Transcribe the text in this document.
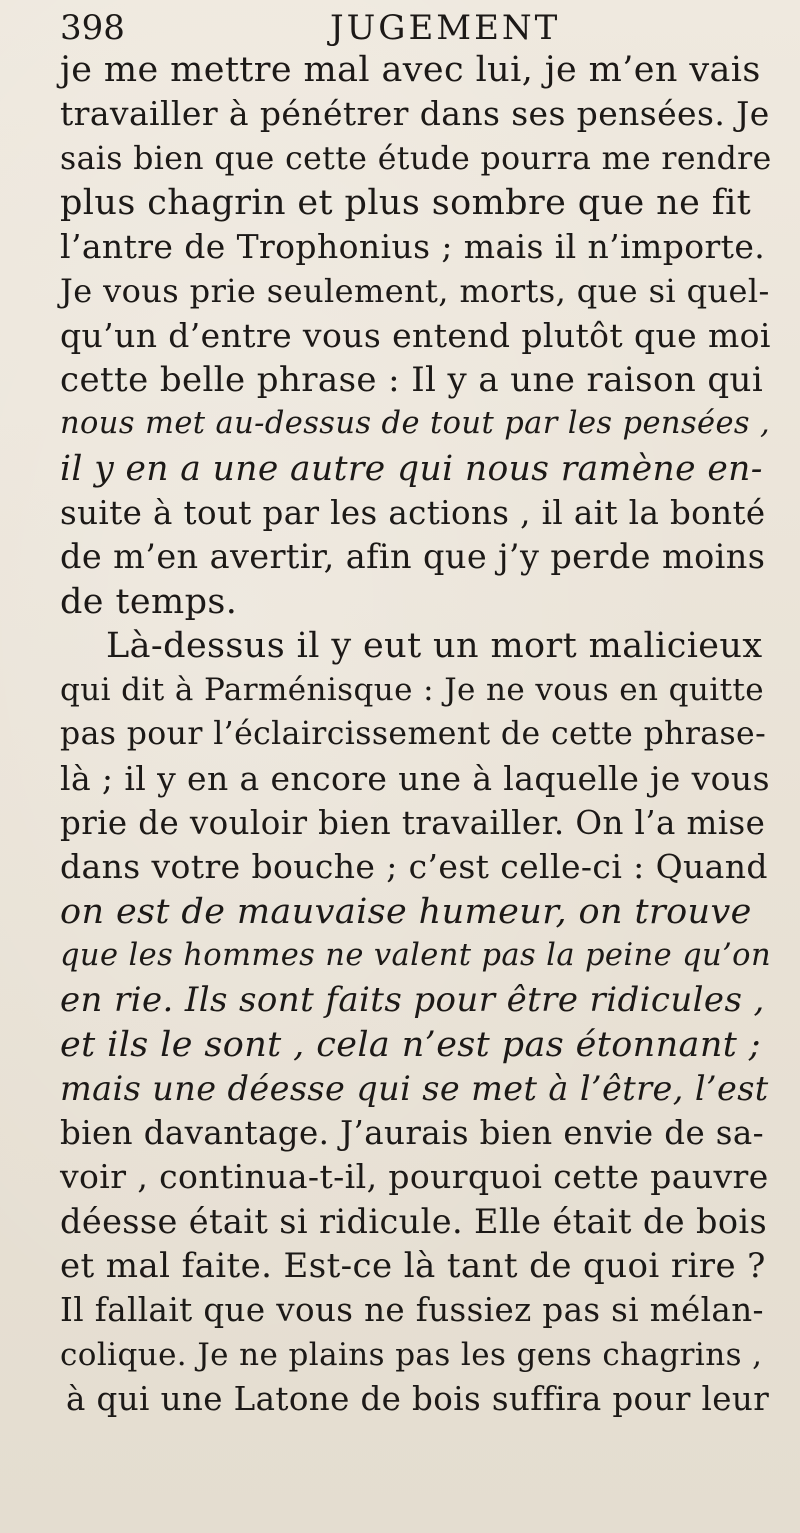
398	JUGEMENT
je me mettre mal avec lui, je m’en vais
travailler à pénétrer dans ses pensées. Je
sais bien que cette étude pourra me rendre
plus chagrin et plus sombre que ne fit
l’antre de Trophonius ; mais il n’importe.
Je vous prie seulement, morts, que si quel-
qu’un d’entre vous entend plutôt que moi
cette belle phrase : Il y a une raison qui
nous met au-dessus de tout par les pensées ,
il y en a une autre qui nous ramène en-
suite à tout par les actions , il ait la bonté
de m’en avertir, afin que j’y perde moins
de temps.
Là-dessus il y eut un mort malicieux
qui dit à Parménisque : Je ne vous en quitte
pas pour l’éclaircissement de cette phrase-
là ; il y en a encore une à laquelle je vous
prie de vouloir bien travailler. On l’a mise
dans votre bouche ; c’est celle-ci : Quand
on est de mauvaise humeur, on trouve
que les hommes ne valent pas la peine qu’on
en rie. Ils sont faits pour être ridicules ,
et ils le sont , cela n’est pas étonnant ;
mais une déesse qui se met à l’être, l’est
bien davantage. J’aurais bien envie de sa-
voir , continua-t-il, pourquoi cette pauvre
déesse était si ridicule. Elle était de bois
et mal faite. Est-ce là tant de quoi rire ?
Il fallait que vous ne fussiez pas si mélan-
colique. Je ne plains pas les gens chagrins ,
à qui une Latone de bois suffira pour leur
